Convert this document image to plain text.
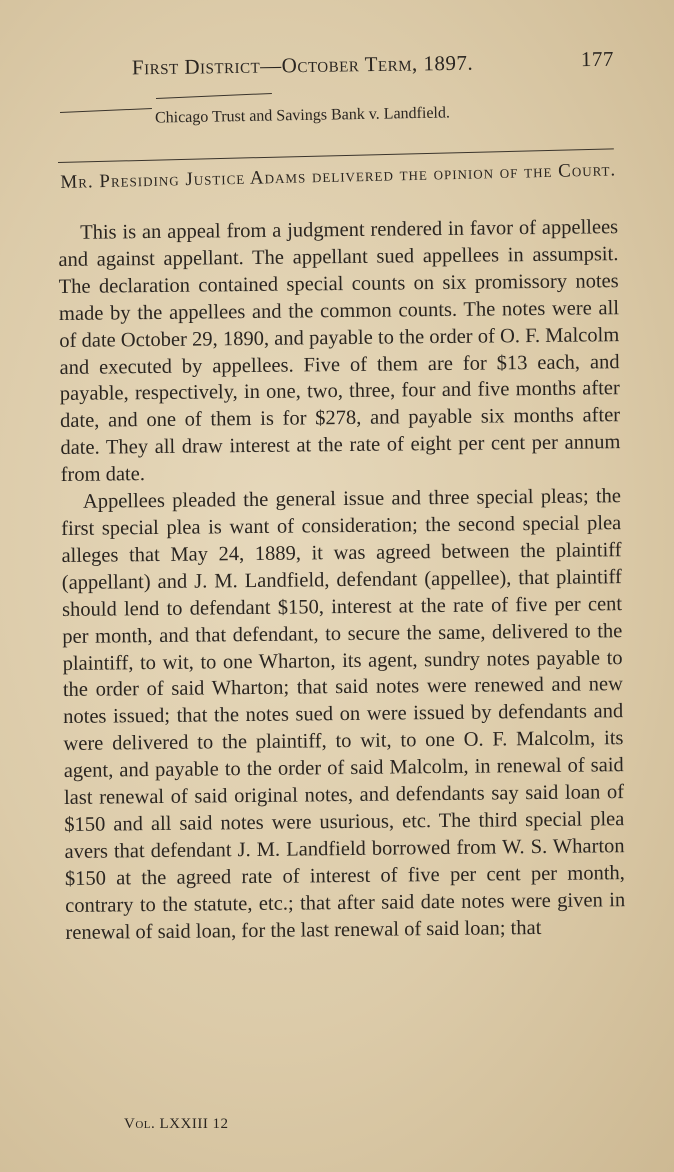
First District—October Term, 1897.	177
Chicago Trust and Savings Bank v. Landfield.
Mr. Presiding Justice Adams delivered the opinion of the Court.

This is an appeal from a judgment rendered in favor of appellees and against appellant. The appellant sued appellees in assumpsit. The declaration contained special counts on six promissory notes made by the appellees and the common counts. The notes were all of date October 29, 1890, and payable to the order of O. F. Malcolm and executed by appellees. Five of them are for $13 each, and payable, respectively, in one, two, three, four and five months after date, and one of them is for $278, and payable six months after date. They all draw interest at the rate of eight per cent per annum from date.

Appellees pleaded the general issue and three special pleas; the first special plea is want of consideration; the second special plea alleges that May 24, 1889, it was agreed between the plaintiff (appellant) and J. M. Landfield, defendant (appellee), that plaintiff should lend to defendant $150, interest at the rate of five per cent per month, and that defendant, to secure the same, delivered to the plaintiff, to wit, to one Wharton, its agent, sundry notes payable to the order of said Wharton; that said notes were renewed and new notes issued; that the notes sued on were issued by defendants and were delivered to the plaintiff, to wit, to one O. F. Malcolm, its agent, and payable to the order of said Malcolm, in renewal of said last renewal of said original notes, and defendants say said loan of $150 and all said notes were usurious, etc. The third special plea avers that defendant J. M. Landfield borrowed from W. S. Wharton $150 at the agreed rate of interest of five per cent per month, contrary to the statute, etc.; that after said date notes were given in renewal of said loan, for the last renewal of said loan; that

Vol. LXXIII 12
